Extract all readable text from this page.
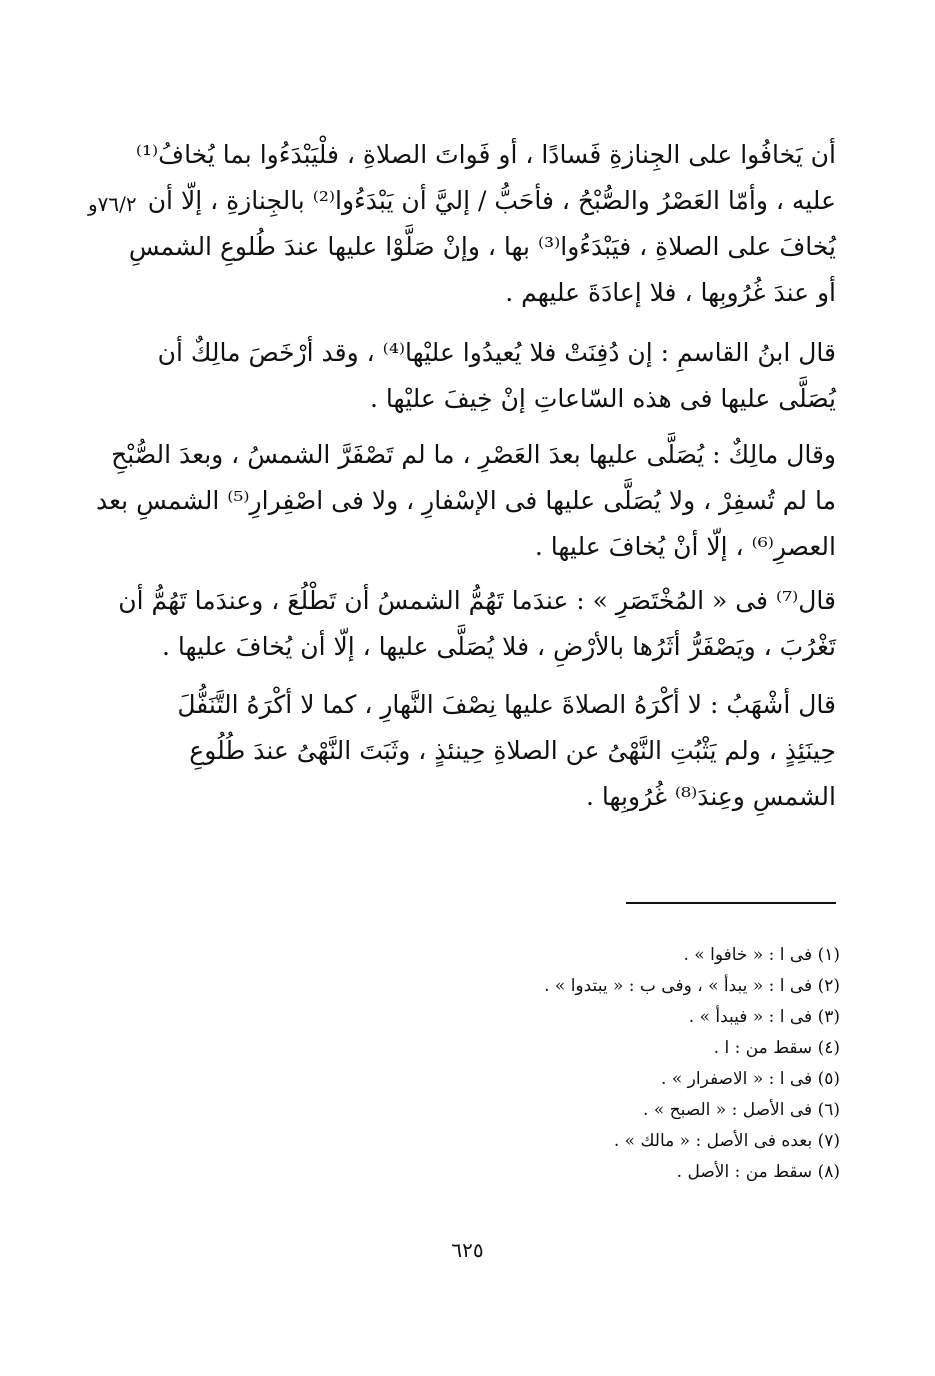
٧٦/٢و
أن يَخافُوا على الجِنازةِ فَسادًا ، أو فَواتَ الصلاةِ ، فلْيَبْدَءُوا بما يُخافُ⁽¹⁾
عليه ، وأمّا العَصْرُ والصُّبْحُ ، فأحَبُّ / إليَّ أن يَبْدَءُوا⁽²⁾ بالجِنازةِ ، إلّا أن
يُخافَ على الصلاةِ ، فيَبْدَءُوا⁽³⁾ بها ، وإنْ صَلَّوْا عليها عندَ طُلوعِ الشمسِ
أو عندَ غُرُوبِها ، فلا إعادَةَ عليهم .
قال ابنُ القاسمِ : إن دُفِنَتْ فلا يُعيدُوا عليْها⁽⁴⁾ ، وقد أرْخَصَ مالِكٌ أن
يُصَلَّى عليها فى هذه السّاعاتِ إنْ خِيفَ عليْها .
وقال مالِكٌ : يُصَلَّى عليها بعدَ العَصْرِ ، ما لم تَصْفَرَّ الشمسُ ، وبعدَ الصُّبْحِ
ما لم تُسفِرْ ، ولا يُصَلَّى عليها فى الإسْفارِ ، ولا فى اصْفِرارِ⁽⁵⁾ الشمسِ بعد
العصرِ⁽⁶⁾ ، إلّا أنْ يُخافَ عليها .
قال⁽⁷⁾ فى « المُخْتَصَرِ » : عندَما تَهُمُّ الشمسُ أن تَطْلُعَ ، وعندَما تَهُمُّ أن
تَغْرُبَ ، ويَصْفَرُّ أثَرُها بالأرْضِ ، فلا يُصَلَّى عليها ، إلّا أن يُخافَ عليها .
قال أشْهَبُ : لا أكْرَهُ الصلاةَ عليها نِصْفَ النَّهارِ ، كما لا أكْرَهُ التَّنَفُّلَ
حِينَئِذٍ ، ولم يَثْبُتِ النَّهْىُ عن الصلاةِ حِينئذٍ ، وثَبَتَ النَّهْىُ عندَ طُلُوعِ
الشمسِ وعِندَ⁽⁸⁾ غُرُوبِها .
(١) فى ا : « خافوا » .
(٢) فى ا : « يبدأ » ، وفى ب : « يبتدوا » .
(٣) فى ا : « فيبدأ » .
(٤) سقط من : ا .
(٥) فى ا : « الاصفرار » .
(٦) فى الأصل : « الصبح » .
(٧) بعده فى الأصل : « مالك » .
(٨) سقط من : الأصل .
٦٢٥
